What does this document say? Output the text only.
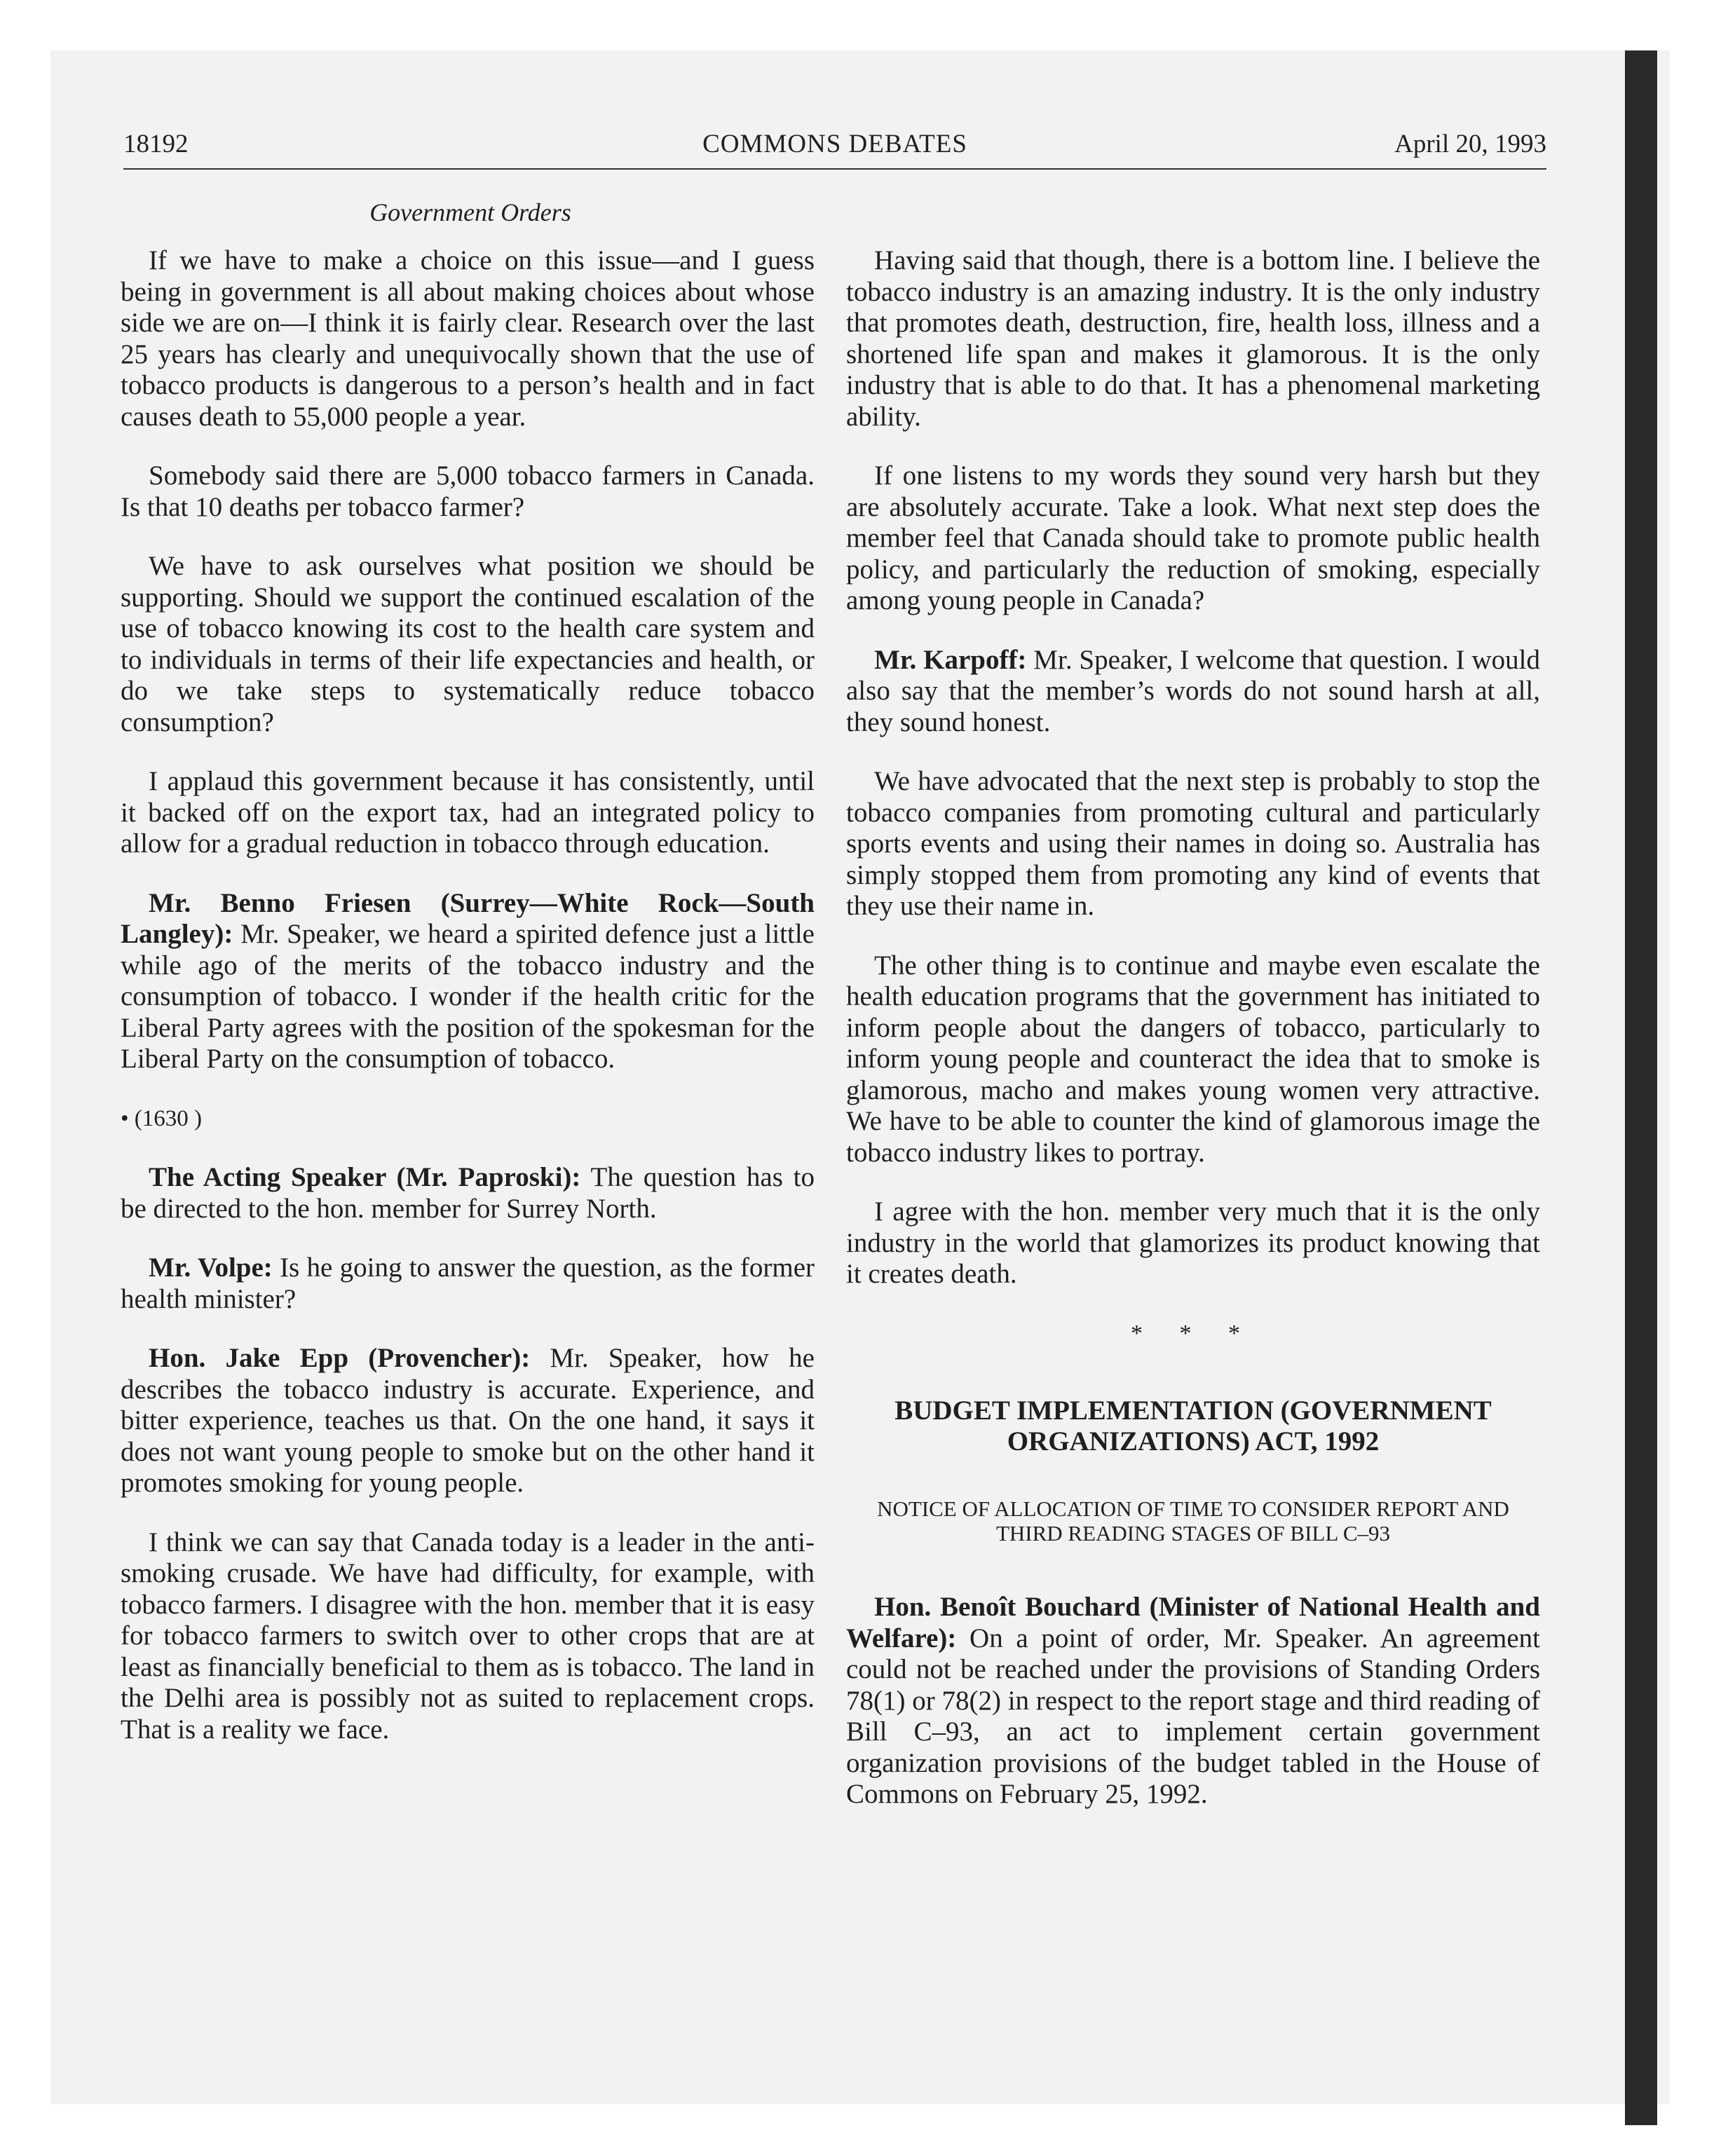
18192	COMMONS DEBATES	April 20, 1993
Government Orders

If we have to make a choice on this issue—and I guess being in government is all about making choices about whose side we are on—I think it is fairly clear. Research over the last 25 years has clearly and unequivocally shown that the use of tobacco products is dangerous to a person’s health and in fact causes death to 55,000 people a year.

Somebody said there are 5,000 tobacco farmers in Canada. Is that 10 deaths per tobacco farmer?

We have to ask ourselves what position we should be supporting. Should we support the continued escalation of the use of tobacco knowing its cost to the health care system and to individuals in terms of their life expectancies and health, or do we take steps to systematically reduce tobacco consumption?

I applaud this government because it has consistently, until it backed off on the export tax, had an integrated policy to allow for a gradual reduction in tobacco through education.

Mr. Benno Friesen (Surrey—White Rock—South Langley): Mr. Speaker, we heard a spirited defence just a little while ago of the merits of the tobacco industry and the consumption of tobacco. I wonder if the health critic for the Liberal Party agrees with the position of the spokesman for the Liberal Party on the consumption of tobacco.

• (1630 )

The Acting Speaker (Mr. Paproski): The question has to be directed to the hon. member for Surrey North.

Mr. Volpe: Is he going to answer the question, as the former health minister?

Hon. Jake Epp (Provencher): Mr. Speaker, how he describes the tobacco industry is accurate. Experience, and bitter experience, teaches us that. On the one hand, it says it does not want young people to smoke but on the other hand it promotes smoking for young people.

I think we can say that Canada today is a leader in the anti-smoking crusade. We have had difficulty, for example, with tobacco farmers. I disagree with the hon. member that it is easy for tobacco farmers to switch over to other crops that are at least as financially beneficial to them as is tobacco. The land in the Delhi area is possibly not as suited to replacement crops. That is a reality we face.

Having said that though, there is a bottom line. I believe the tobacco industry is an amazing industry. It is the only industry that promotes death, destruction, fire, health loss, illness and a shortened life span and makes it glamorous. It is the only industry that is able to do that. It has a phenomenal marketing ability.

If one listens to my words they sound very harsh but they are absolutely accurate. Take a look. What next step does the member feel that Canada should take to promote public health policy, and particularly the reduction of smoking, especially among young people in Canada?

Mr. Karpoff: Mr. Speaker, I welcome that question. I would also say that the member’s words do not sound harsh at all, they sound honest.

We have advocated that the next step is probably to stop the tobacco companies from promoting cultural and particularly sports events and using their names in doing so. Australia has simply stopped them from promoting any kind of events that they use their name in.

The other thing is to continue and maybe even escalate the health education programs that the government has initiated to inform people about the dangers of tobacco, particularly to inform young people and counteract the idea that to smoke is glamorous, macho and makes young women very attractive. We have to be able to counter the kind of glamorous image the tobacco industry likes to portray.

I agree with the hon. member very much that it is the only industry in the world that glamorizes its product knowing that it creates death.

* * *
BUDGET IMPLEMENTATION (GOVERNMENT ORGANIZATIONS) ACT, 1992
NOTICE OF ALLOCATION OF TIME TO CONSIDER REPORT AND THIRD READING STAGES OF BILL C–93

Hon. Benoît Bouchard (Minister of National Health and Welfare): On a point of order, Mr. Speaker. An agreement could not be reached under the provisions of Standing Orders 78(1) or 78(2) in respect to the report stage and third reading of Bill C–93, an act to implement certain government organization provisions of the budget tabled in the House of Commons on February 25, 1992.
